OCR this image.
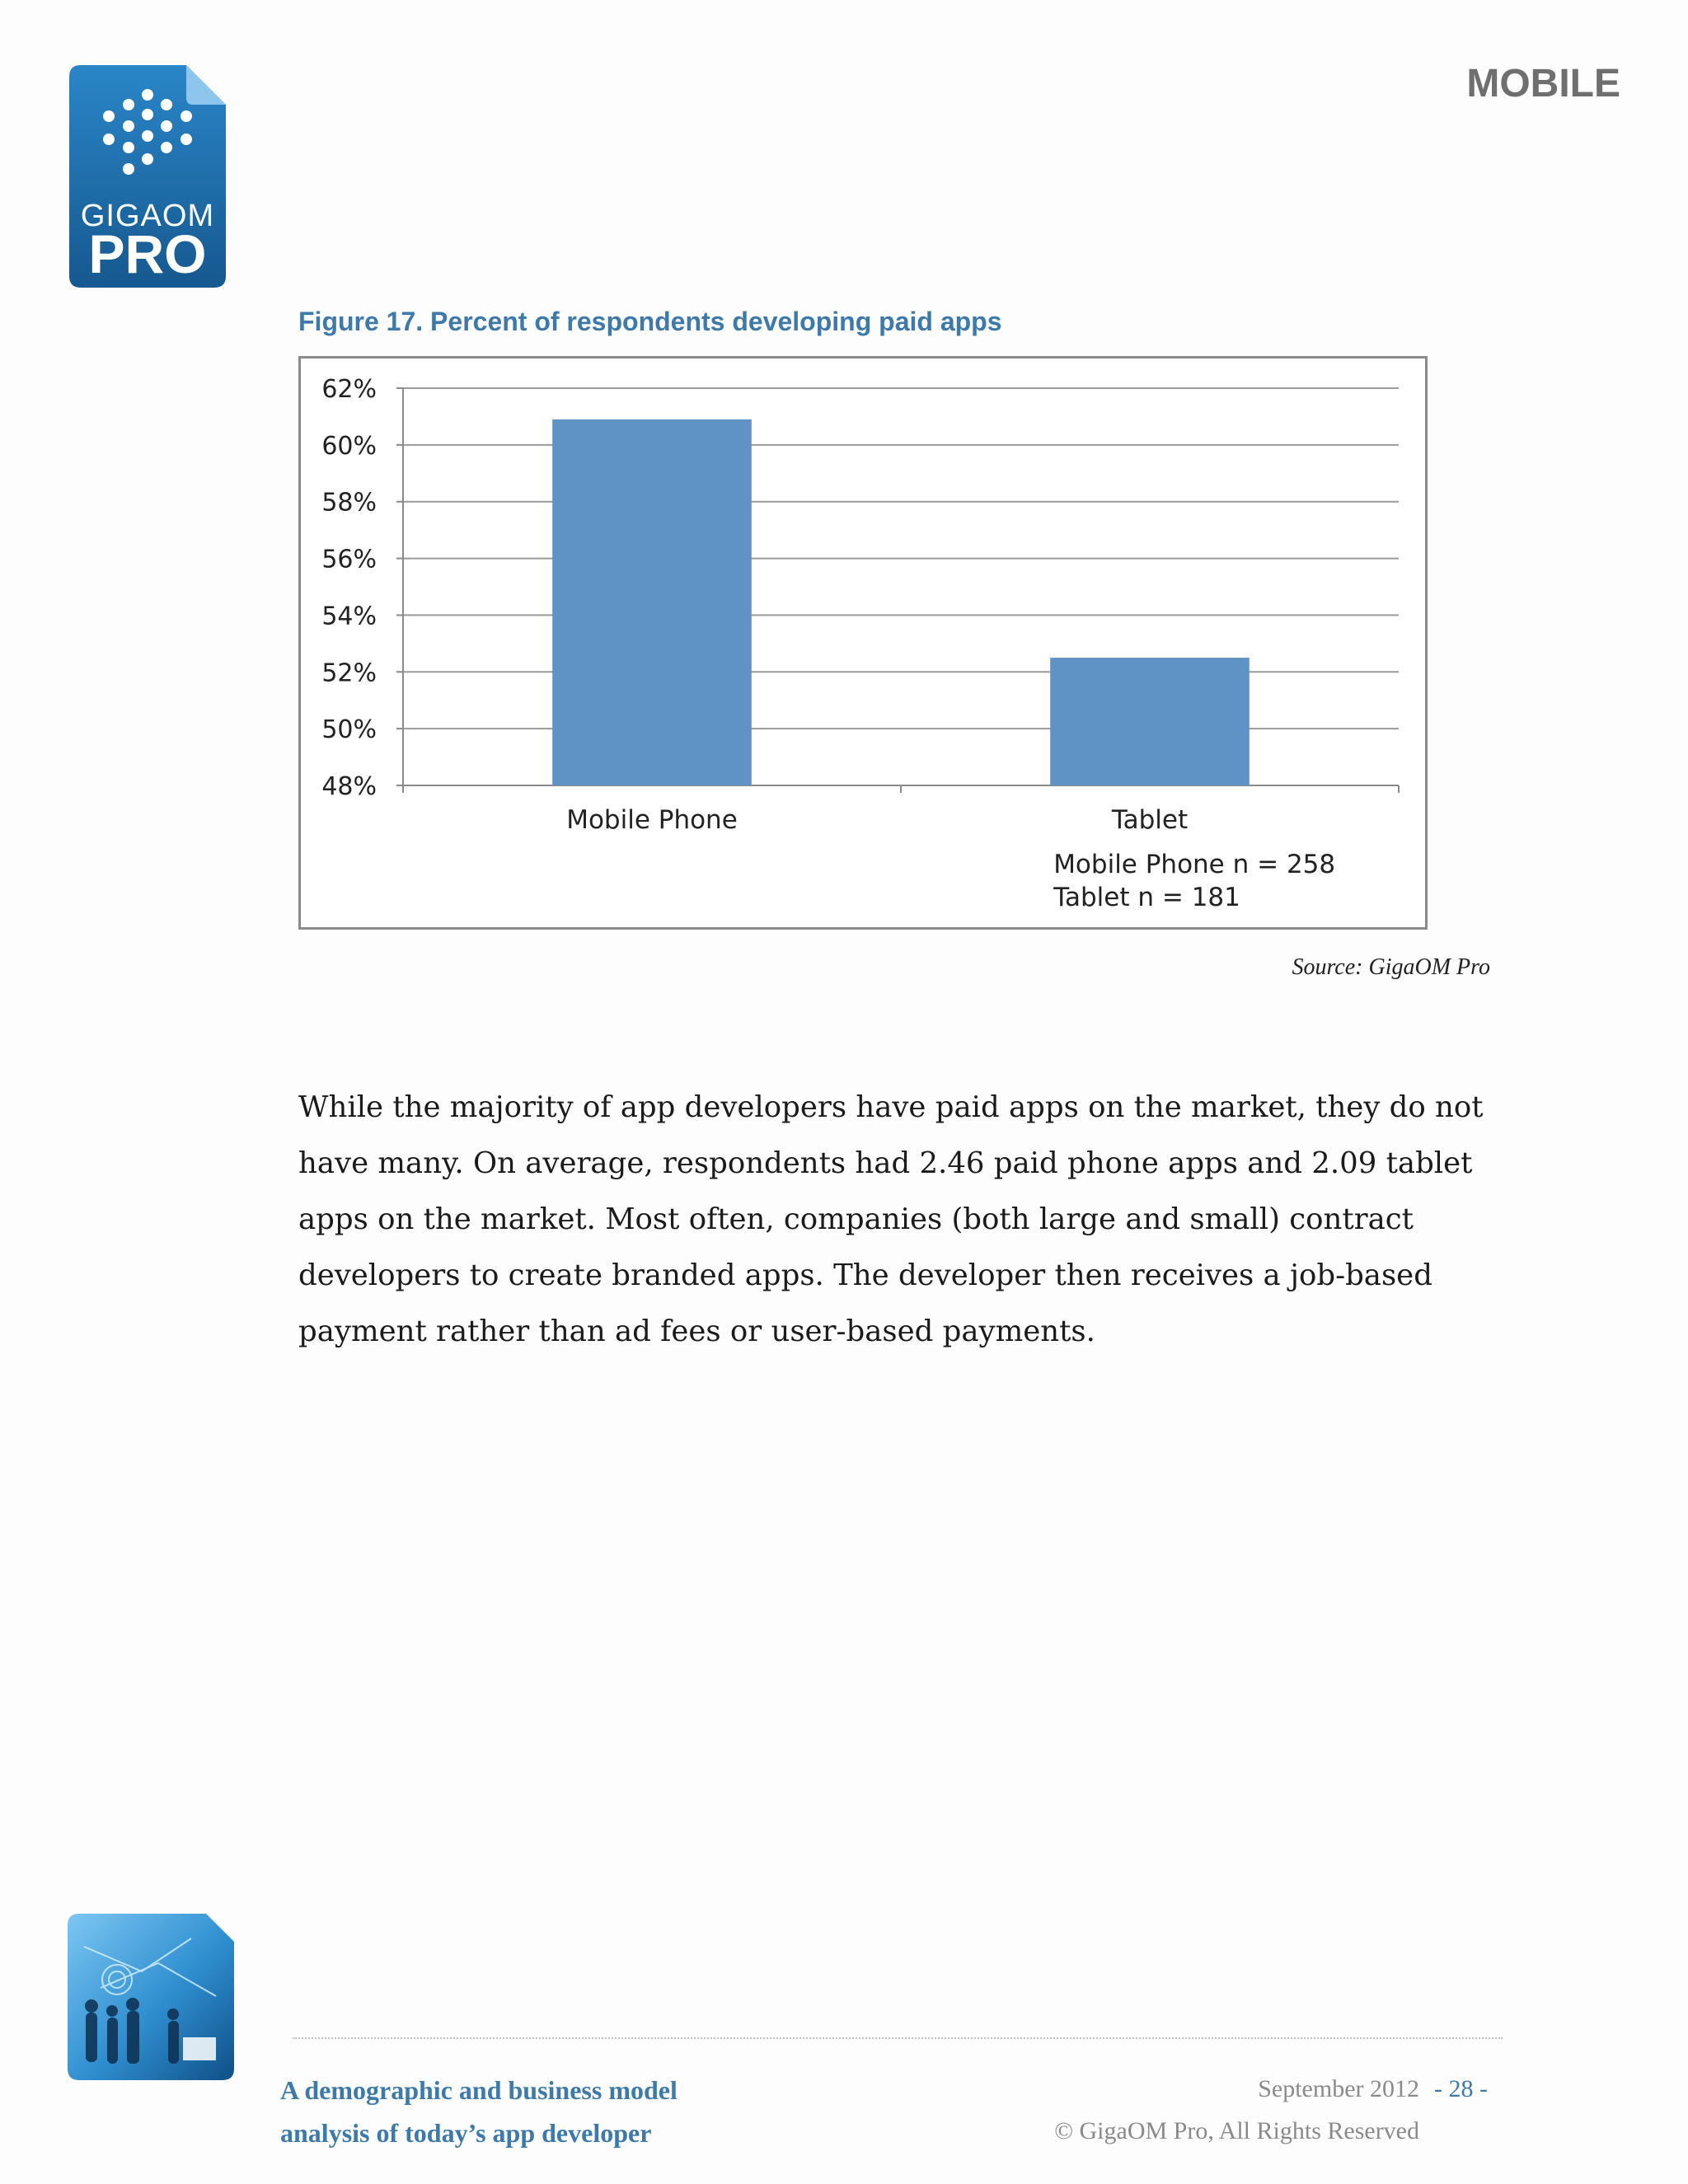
GIGAOM
PRO
MOBILE
Figure 17. Percent of respondents developing paid apps
48%
50%
52%
54%
56%
58%
60%
62%
Mobile Phone	Tablet
Mobile Phone n = 258
Tablet n = 181
Source: GigaOM Pro
While the majority of app developers have paid apps on the market, they do not have many. On average, respondents had 2.46 paid phone apps and 2.09 tablet apps on the market. Most often, companies (both large and small) contract developers to create branded apps. The developer then receives a job-based payment rather than ad fees or user-based payments.
A demographic and business model
analysis of today’s app developer
September 2012 - 28 -
© GigaOM Pro, All Rights Reserved
